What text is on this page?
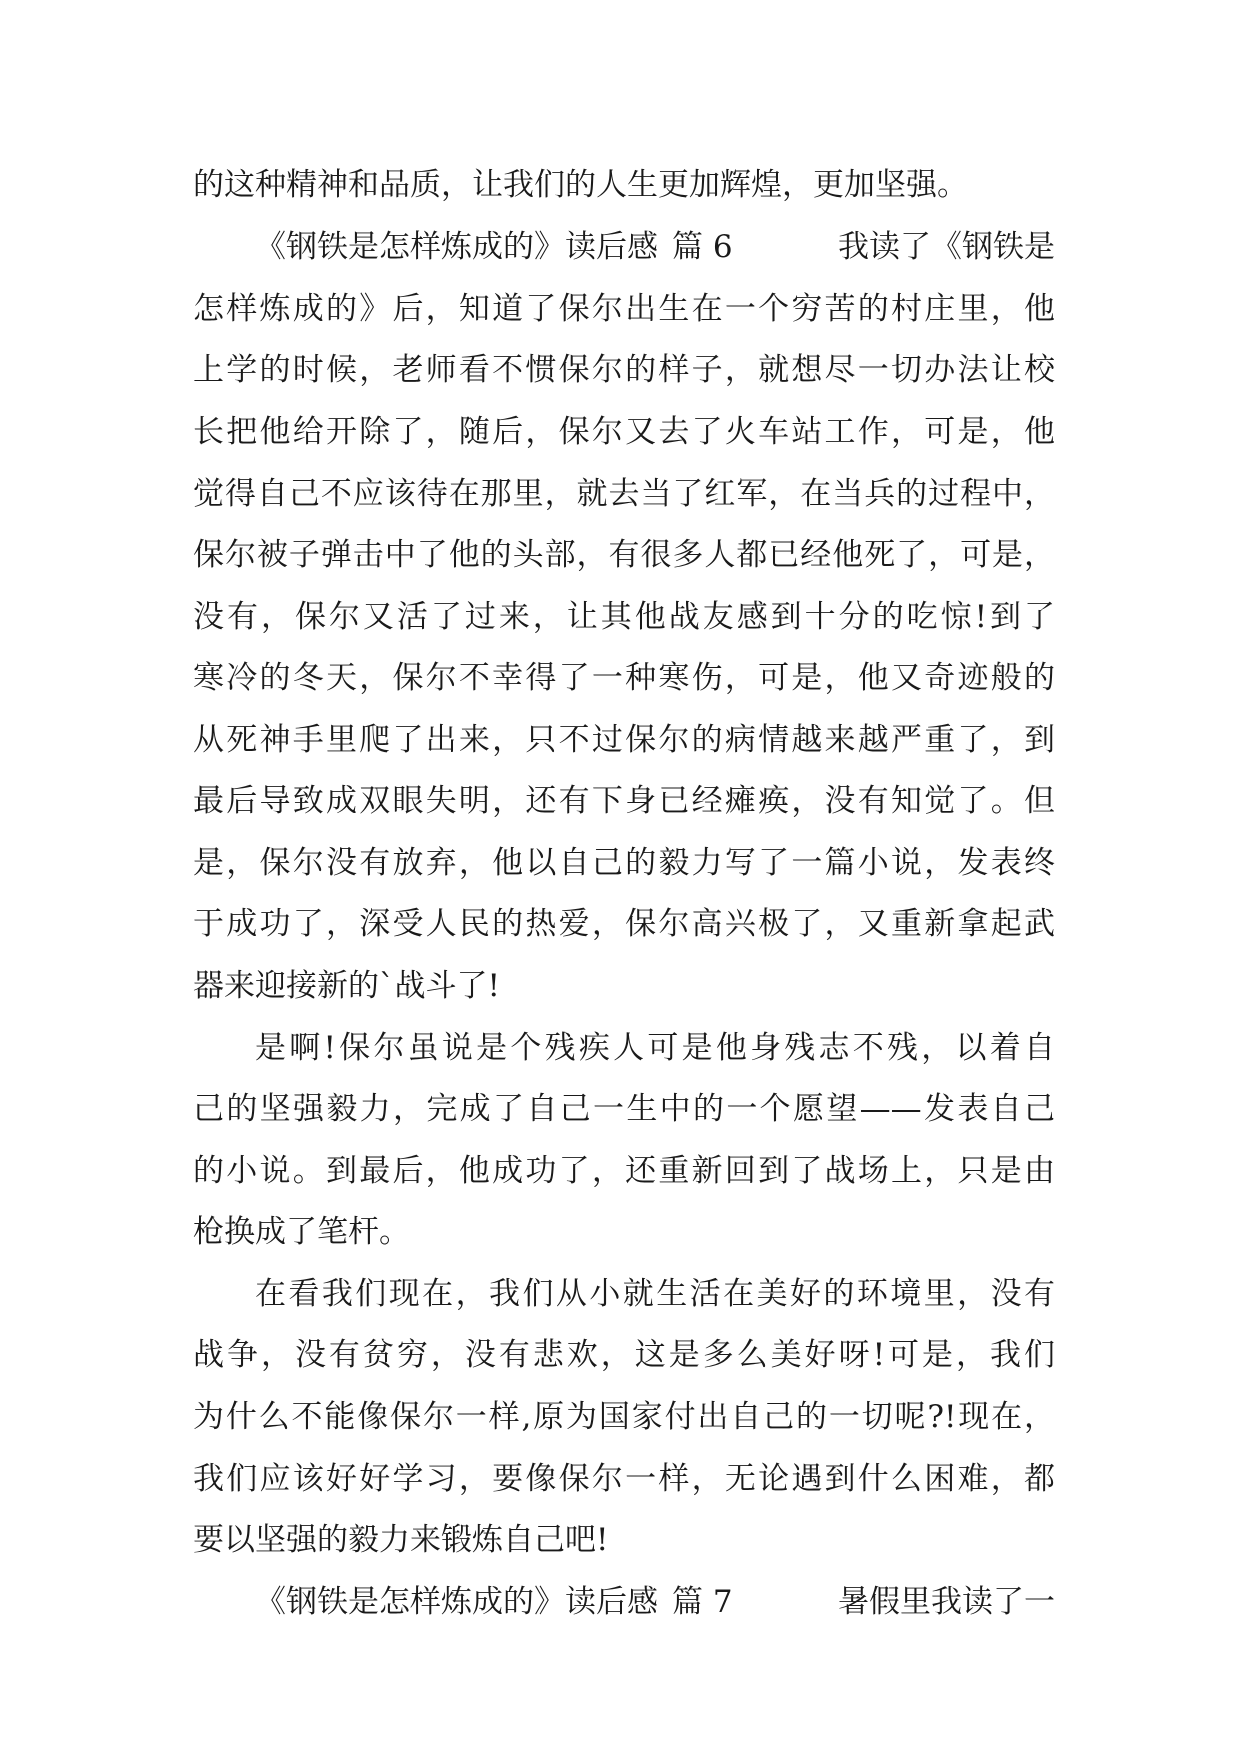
的这种精神和品质，让我们的人生更加辉煌，更加坚强。
《钢铁是怎样炼成的》读后感 篇 6	我读了《钢铁是
怎样炼成的》后，知道了保尔出生在一个穷苦的村庄里，他
上学的时候，老师看不惯保尔的样子，就想尽一切办法让校
长把他给开除了，随后，保尔又去了火车站工作，可是，他
觉得自己不应该待在那里，就去当了红军，在当兵的过程中，
保尔被子弹击中了他的头部，有很多人都已经他死了，可是，
没有，保尔又活了过来，让其他战友感到十分的吃惊!到了
寒冷的冬天，保尔不幸得了一种寒伤，可是，他又奇迹般的
从死神手里爬了出来，只不过保尔的病情越来越严重了，到
最后导致成双眼失明，还有下身已经瘫痪，没有知觉了。但
是，保尔没有放弃，他以自己的毅力写了一篇小说，发表终
于成功了，深受人民的热爱，保尔高兴极了，又重新拿起武
器来迎接新的`战斗了!
是啊!保尔虽说是个残疾人可是他身残志不残，以着自
己的坚强毅力，完成了自己一生中的一个愿望——发表自己
的小说。到最后，他成功了，还重新回到了战场上，只是由
枪换成了笔杆。
在看我们现在，我们从小就生活在美好的环境里，没有
战争，没有贫穷，没有悲欢，这是多么美好呀!可是，我们
为什么不能像保尔一样,原为国家付出自己的一切呢?!现在，
我们应该好好学习，要像保尔一样，无论遇到什么困难，都
要以坚强的毅力来锻炼自己吧!
《钢铁是怎样炼成的》读后感 篇 7	暑假里我读了一
